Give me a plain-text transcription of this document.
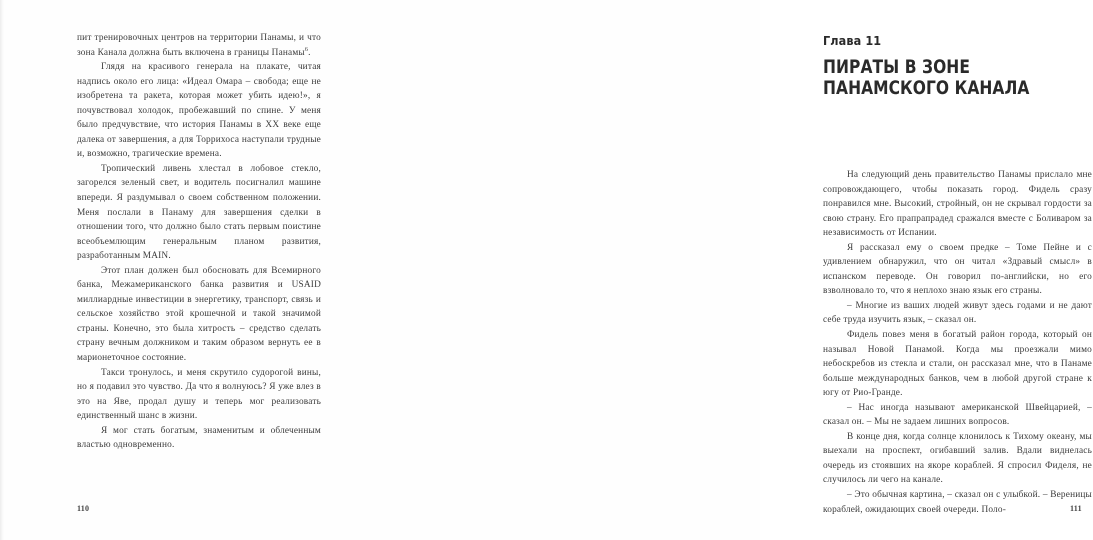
пит тренировочных центров на территории Панамы, и что зона Канала должна быть включена в границы Панамы$^6$.

Глядя на красивого генерала на плакате, читая надпись около его лица: «Идеал Омара – свобода; еще не изобретена та ракета, которая может убить идею!», я почувствовал холодок, пробежавший по спине. У меня было предчувствие, что история Панамы в XX веке еще далека от завершения, а для Торрихоса наступали трудные и, возможно, трагические времена.

Тропический ливень хлестал в лобовое стекло, загорелся зеленый свет, и водитель посигналил машине впереди. Я раздумывал о своем собственном положении. Меня послали в Панаму для завершения сделки в отношении того, что должно было стать первым поистине всеобъемлющим генеральным планом развития, разработанным MAIN.

Этот план должен был обосновать для Всемирного банка, Межамериканского банка развития и USAID миллиардные инвестиции в энергетику, транспорт, связь и сельское хозяйство этой крошечной и такой значимой страны. Конечно, это была хитрость – средство сделать страну вечным должником и таким образом вернуть ее в марионеточное состояние.

Такси тронулось, и меня скрутило судорогой вины, но я подавил это чувство. Да что я волнуюсь? Я уже влез в это на Яве, продал душу и теперь мог реализовать единственный шанс в жизни.

Я мог стать богатым, знаменитым и облеченным властью одновременно.

110
Глава 11
ПИРАТЫ В ЗОНЕ
ПАНАМСКОГО КАНАЛА

На следующий день правительство Панамы прислало мне сопровождающего, чтобы показать город. Фидель сразу понравился мне. Высокий, стройный, он не скрывал гордости за свою страну. Его прапрапрадед сражался вместе с Боливаром за независимость от Испании.

Я рассказал ему о своем предке – Томе Пейне и с удивлением обнаружил, что он читал «Здравый смысл» в испанском переводе. Он говорил по-английски, но его взволновало то, что я неплохо знаю язык его страны.

– Многие из ваших людей живут здесь годами и не дают себе труда изучить язык, – сказал он.

Фидель повез меня в богатый район города, который он называл Новой Панамой. Когда мы проезжали мимо небоскребов из стекла и стали, он рассказал мне, что в Панаме больше международных банков, чем в любой другой стране к югу от Рио-Гранде.

– Нас иногда называют американской Швейцарией, – сказал он. – Мы не задаем лишних вопросов.

В конце дня, когда солнце клонилось к Тихому океану, мы выехали на проспект, огибавший залив. Вдали виднелась очередь из стоявших на якоре кораблей. Я спросил Фиделя, не случилось ли чего на канале.

– Это обычная картина, – сказал он с улыбкой. – Вереницы кораблей, ожидающих своей очереди. Поло-	111
